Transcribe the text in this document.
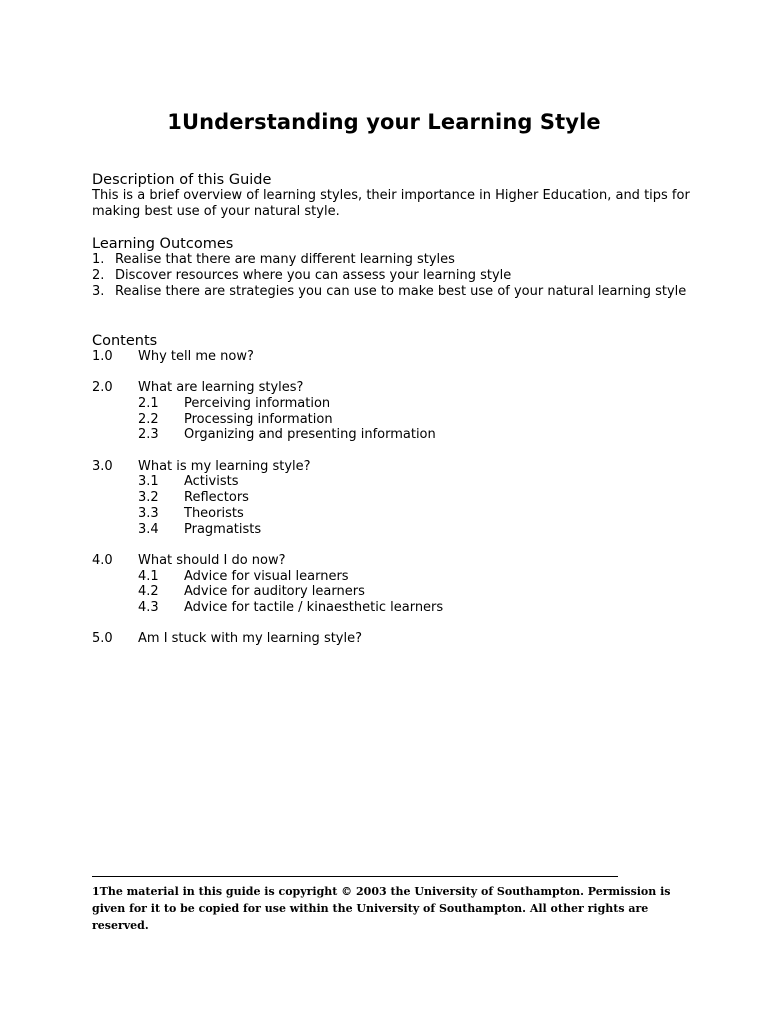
1Understanding your Learning Style
Description of this Guide
This is a brief overview of learning styles, their importance in Higher Education, and tips for making best use of your natural style.
Learning Outcomes
1. Realise that there are many different learning styles
2. Discover resources where you can assess your learning style
3. Realise there are strategies you can use to make best use of your natural learning style
Contents
1.0	Why tell me now?
2.0	What are learning styles?
2.1	Perceiving information
2.2	Processing information
2.3	Organizing and presenting information
3.0	What is my learning style?
3.1	Activists
3.2	Reflectors
3.3	Theorists
3.4	Pragmatists
4.0	What should I do now?
4.1	Advice for visual learners
4.2	Advice for auditory learners
4.3	Advice for tactile / kinaesthetic learners
5.0	Am I stuck with my learning style?
1The material in this guide is copyright © 2003 the University of Southampton. Permission is given for it to be copied for use within the University of Southampton. All other rights are reserved.
